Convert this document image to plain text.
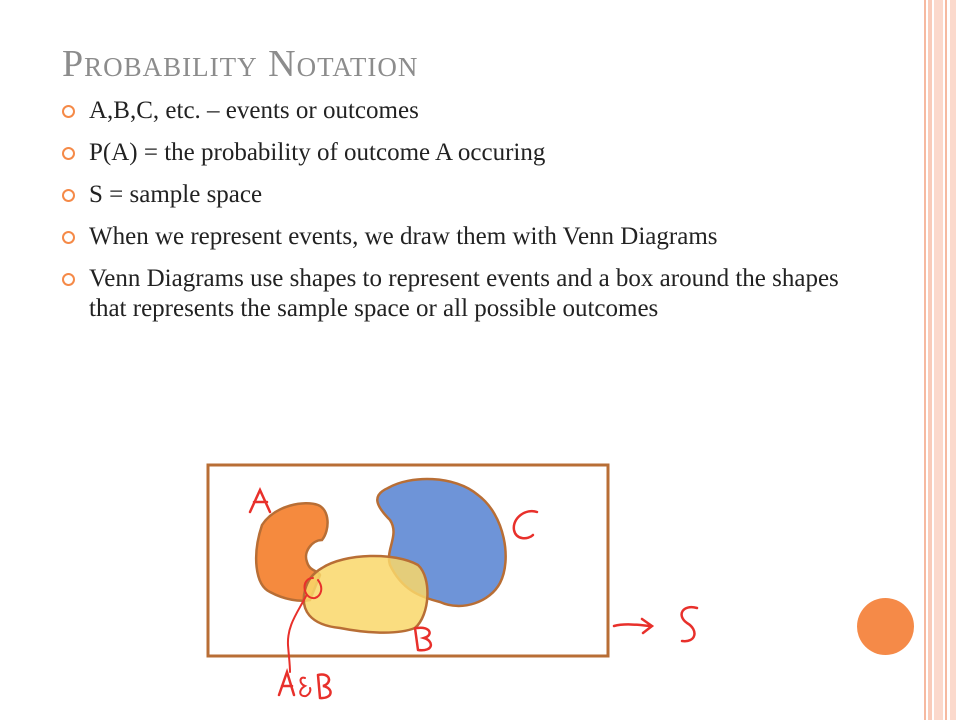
Probability Notation
A,B,C, etc. – events or outcomes
P(A) = the probability of outcome A occuring
S = sample space
When we represent events, we draw them with Venn Diagrams
Venn Diagrams use shapes to represent events and a box around the shapes that represents the sample space or all possible outcomes
